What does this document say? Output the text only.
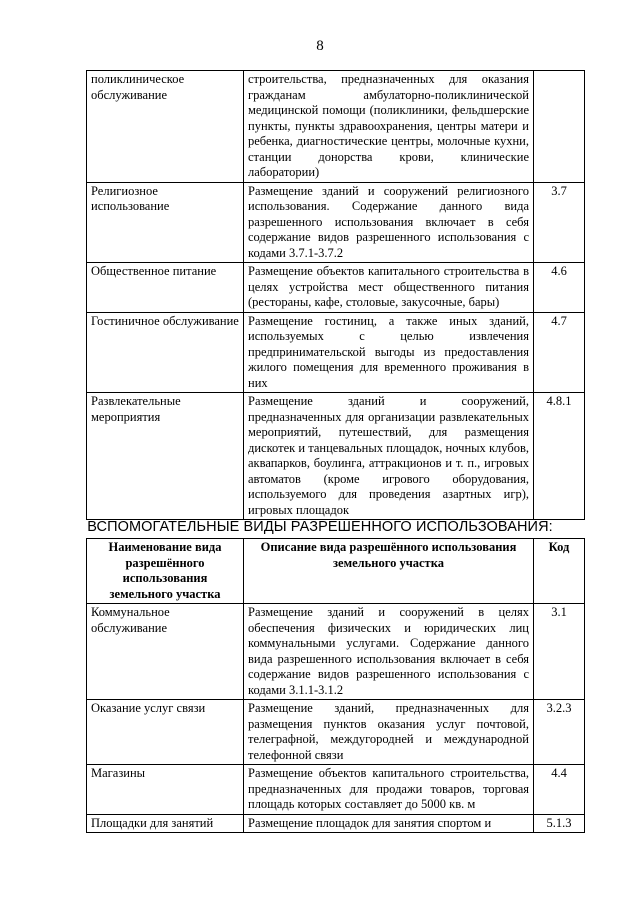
8
поликлиническое обслуживание	строительства, предназначенных для оказания гражданам амбулаторно-поликлинической медицинской помощи (поликлиники, фельдшерские пункты, пункты здравоохранения, центры матери и ребенка, диагностические центры, молочные кухни, станции донорства крови, клинические лаборатории)	
Религиозное использование	Размещение зданий и сооружений религиозного использования. Содержание данного вида разрешенного использования включает в себя содержание видов разрешенного использования с кодами 3.7.1-3.7.2	3.7
Общественное питание	Размещение объектов капитального строительства в целях устройства мест общественного питания (рестораны, кафе, столовые, закусочные, бары)	4.6
Гостиничное обслуживание	Размещение гостиниц, а также иных зданий, используемых с целью извлечения предпринимательской выгоды из предоставления жилого помещения для временного проживания в них	4.7
Развлекательные мероприятия	Размещение зданий и сооружений, предназначенных для организации развлекательных мероприятий, путешествий, для размещения дискотек и танцевальных площадок, ночных клубов, аквапарков, боулинга, аттракционов и т. п., игровых автоматов (кроме игрового оборудования, используемого для проведения азартных игр), игровых площадок	4.8.1
ВСПОМОГАТЕЛЬНЫЕ ВИДЫ РАЗРЕШЕННОГО ИСПОЛЬЗОВАНИЯ:
Наименование вида разрешённого использования земельного участка	Описание вида разрешённого использования земельного участка	Код
Коммунальное обслуживание	Размещение зданий и сооружений в целях обеспечения физических и юридических лиц коммунальными услугами. Содержание данного вида разрешенного использования включает в себя содержание видов разрешенного использования с кодами 3.1.1-3.1.2	3.1
Оказание услуг связи	Размещение зданий, предназначенных для размещения пунктов оказания услуг почтовой, телеграфной, междугородней и международной телефонной связи	3.2.3
Магазины	Размещение объектов капитального строительства, предназначенных для продажи товаров, торговая площадь которых составляет до 5000 кв. м	4.4
Площадки для занятий	Размещение площадок для занятия спортом и	5.1.3
